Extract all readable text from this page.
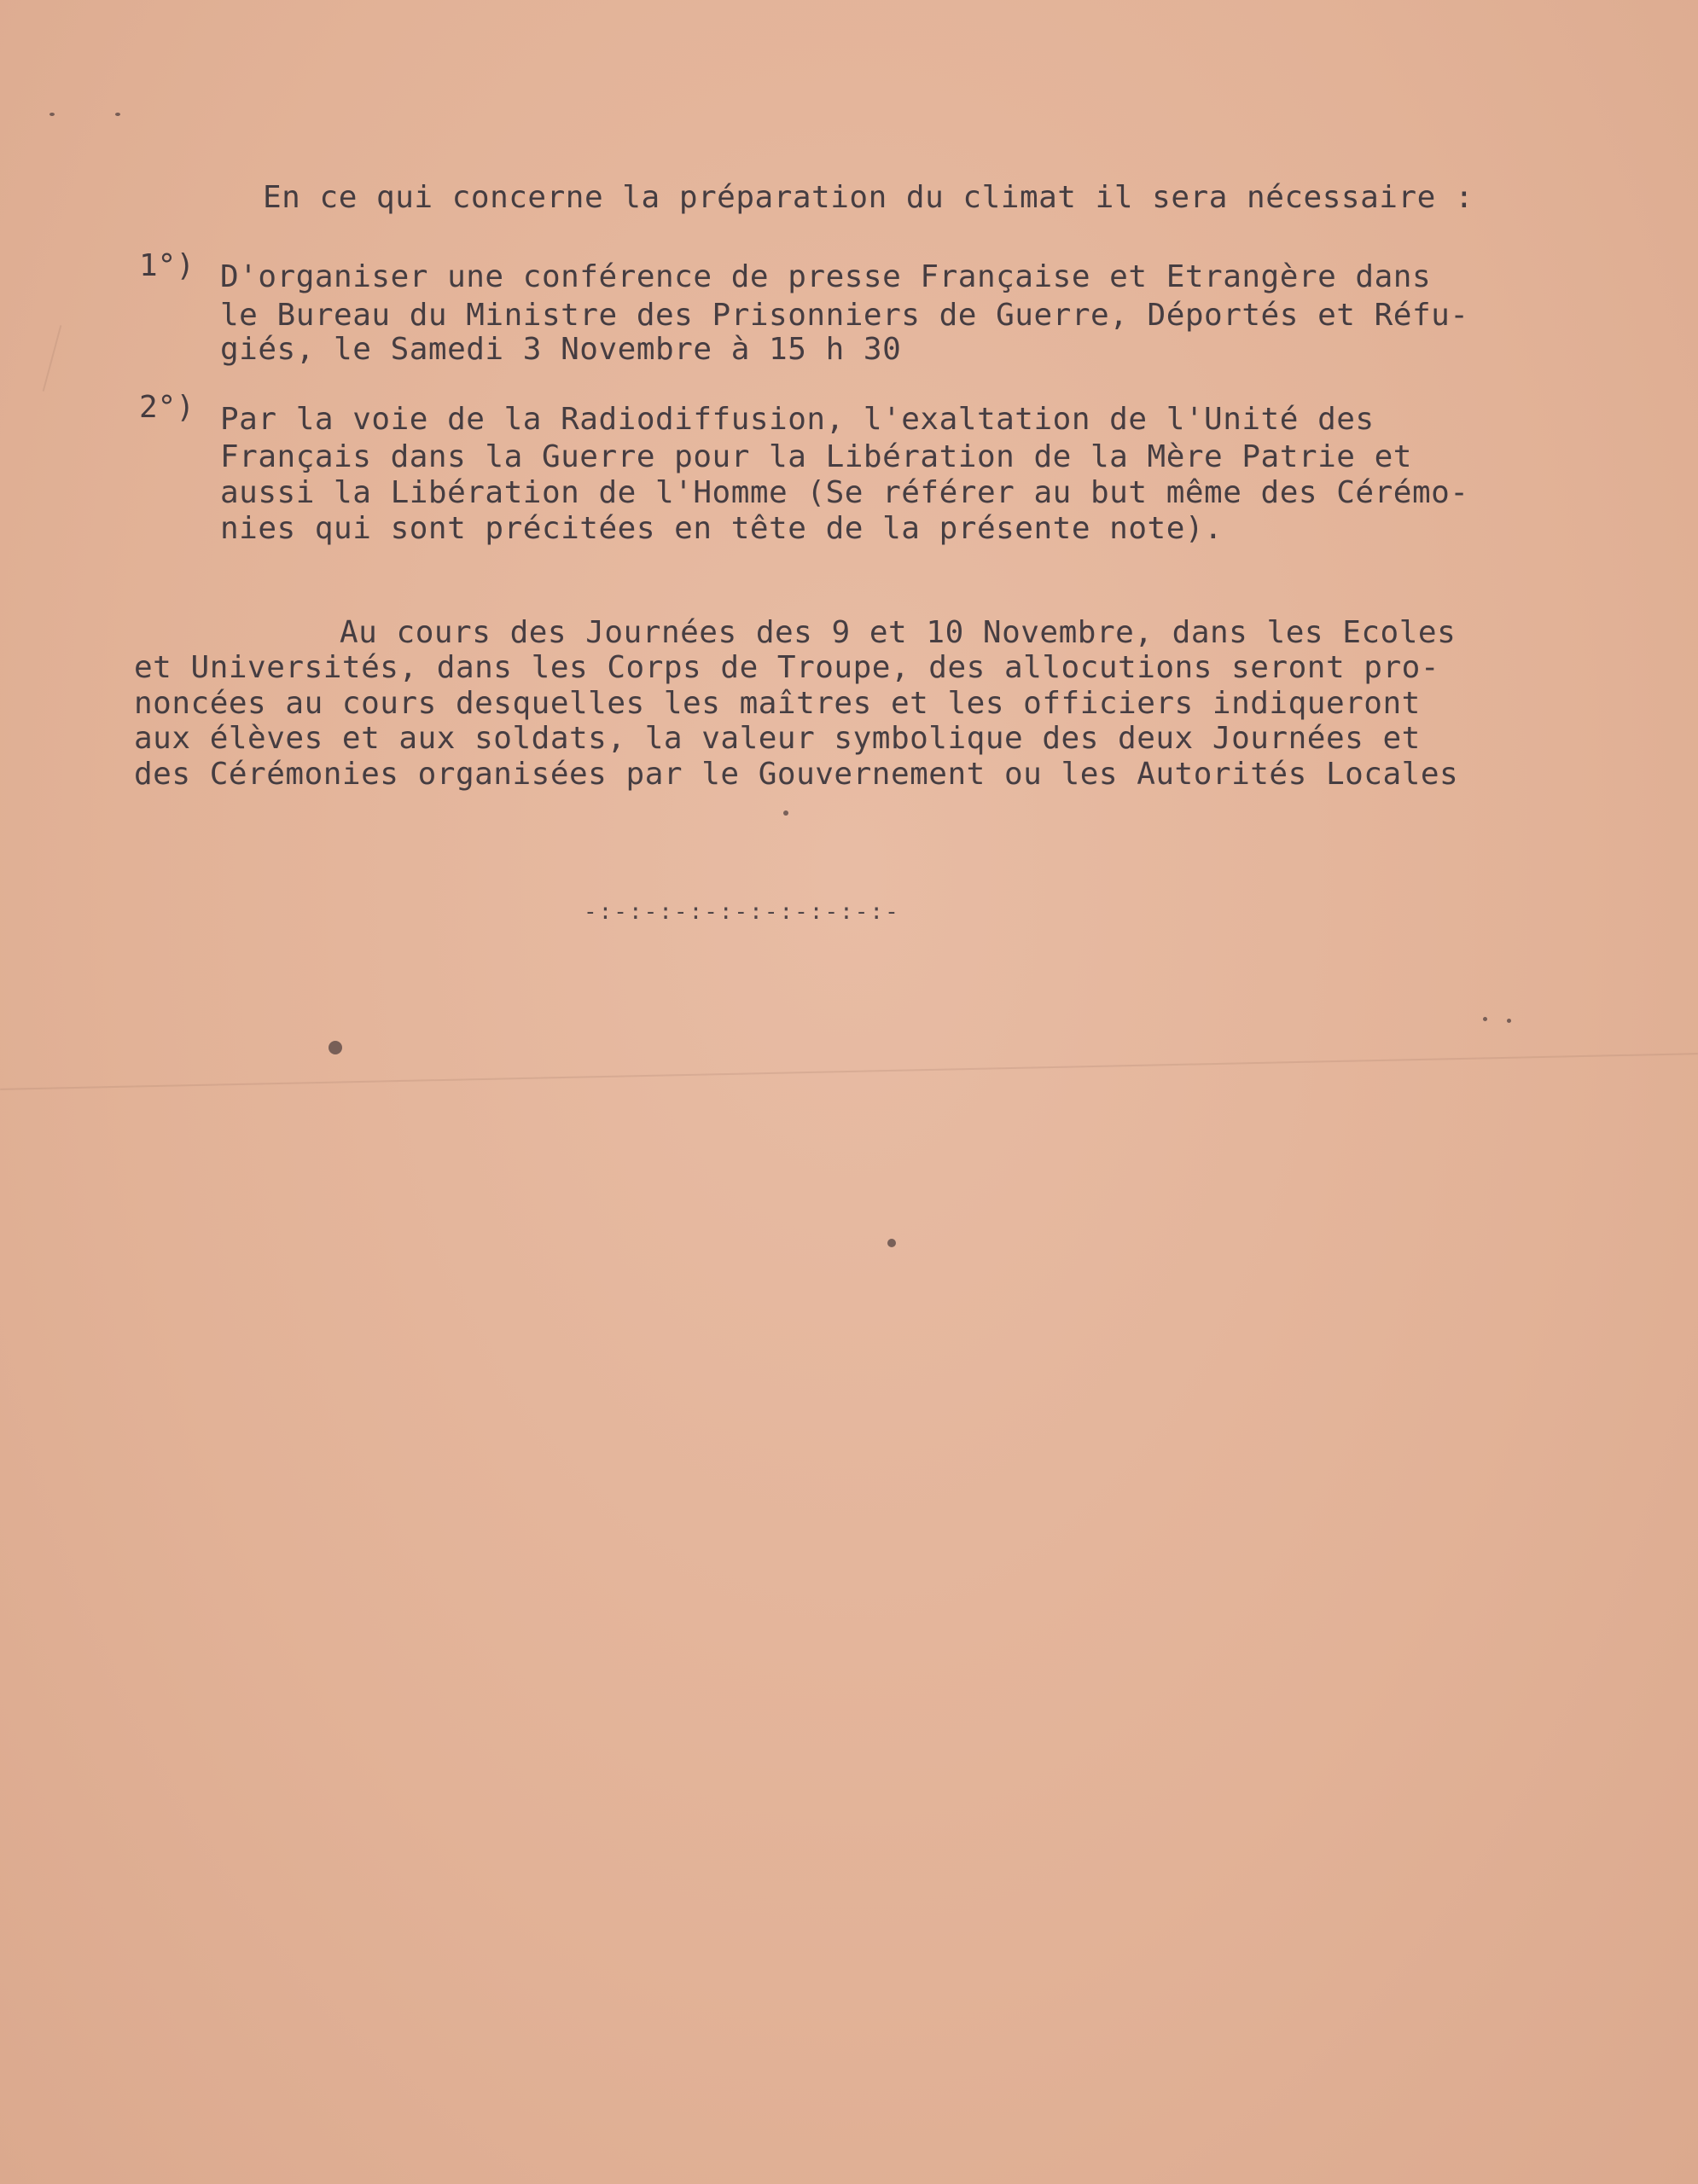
En ce qui concerne la préparation du climat il sera nécessaire :
1°) D'organiser une conférence de presse Française et Etrangère dans
le Bureau du Ministre des Prisonniers de Guerre, Déportés et Réfu-
giés, le Samedi 3 Novembre à 15 h 30
2°) Par la voie de la Radiodiffusion, l'exaltation de l'Unité des
Français dans la Guerre pour la Libération de la Mère Patrie et
aussi la Libération de l'Homme (Se référer au but même des Cérémo-
nies qui sont précitées en tête de la présente note).
Au cours des Journées des 9 et 10 Novembre, dans les Ecoles
et Universités, dans les Corps de Troupe, des allocutions seront pro-
noncées au cours desquelles les maîtres et les officiers indiqueront
aux élèves et aux soldats, la valeur symbolique des deux Journées et
des Cérémonies organisées par le Gouvernement ou les Autorités Locales
-:-:-:-:-:-:-:-:-:-:-
